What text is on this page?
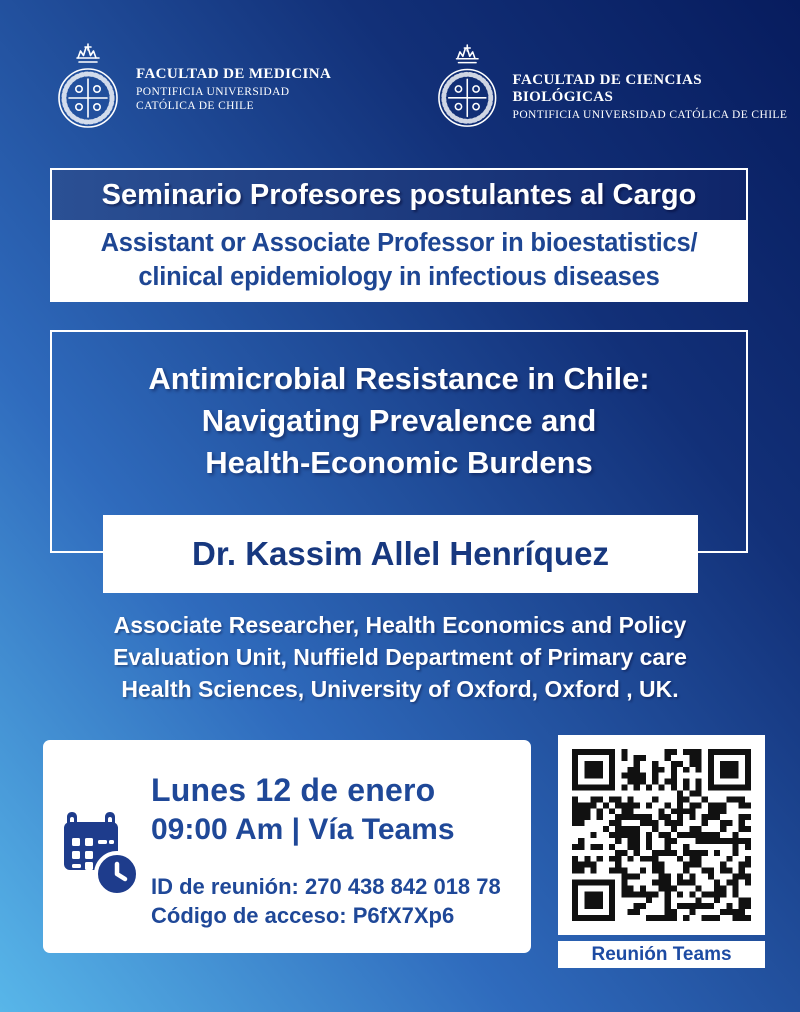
FACULTAD DE MEDICINA
PONTIFICIA UNIVERSIDAD
CATÓLICA DE CHILE
FACULTAD DE CIENCIAS BIOLÓGICAS
PONTIFICIA UNIVERSIDAD CATÓLICA DE CHILE
Seminario Profesores postulantes al Cargo
Assistant or Associate Professor in bioestatistics/
clinical epidemiology in infectious diseases
Antimicrobial Resistance in Chile:
Navigating Prevalence and
Health-Economic Burdens
Dr. Kassim Allel Henríquez
Associate Researcher, Health Economics and Policy
Evaluation Unit, Nuffield Department of Primary care
Health Sciences, University of Oxford, Oxford , UK.
Lunes 12 de enero
09:00 Am | Vía Teams
ID de reunión: 270 438 842 018 78
Código de acceso: P6fX7Xp6
Reunión Teams
